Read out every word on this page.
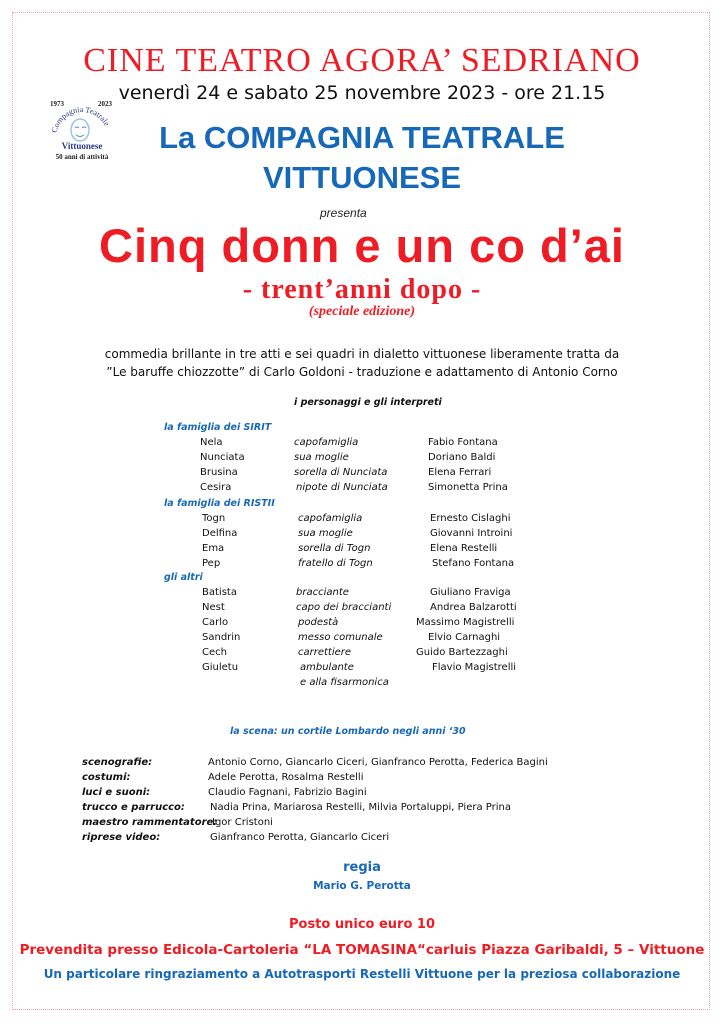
CINE TEATRO AGORA’ SEDRIANO
venerdì 24 e sabato 25 novembre 2023 - ore 21.15
1973	2023
Compagnia Teatrale
Vittuonese
50 anni di attività
La COMPAGNIA TEATRALE
VITTUONESE
presenta
Cinq donn e un co d’ai
- trent’anni dopo -
(speciale edizione)
commedia brillante in tre atti e sei quadri in dialetto vittuonese liberamente tratta da
”Le baruffe chiozzotte” di Carlo Goldoni - traduzione e adattamento di Antonio Corno
i personaggi e gli interpreti
la famiglia dei SIRIT
Nela	capofamiglia	Fabio Fontana
Nunciata	sua moglie	Doriano Baldi
Brusina	sorella di Nunciata	Elena Ferrari
Cesira	nipote di Nunciata	Simonetta Prina
la famiglia dei RISTII
Togn	capofamiglia	Ernesto Cislaghi
Delfina	sua moglie	Giovanni Introini
Ema	sorella di Togn	Elena Restelli
Pep	fratello di Togn	Stefano Fontana
gli altri
Batista	bracciante	Giuliano Fraviga
Nest	capo dei braccianti	Andrea Balzarotti
Carlo	podestà	Massimo Magistrelli
Sandrin	messo comunale	Elvio Carnaghi
Cech	carrettiere	Guido Bartezzaghi
Giuletu	ambulante	Flavio Magistrelli
e alla fisarmonica
la scena: un cortile Lombardo negli anni ‘30
scenografie:	Antonio Corno, Giancarlo Ciceri, Gianfranco Perotta, Federica Bagini
costumi:	Adele Perotta, Rosalma Restelli
luci e suoni:	Claudio Fagnani, Fabrizio Bagini
trucco e parrucco:	Nadia Prina, Mariarosa Restelli, Milvia Portaluppi, Piera Prina
maestro rammentatore:
Igor Cristoni
riprese video:	Gianfranco Perotta, Giancarlo Ciceri
regia
Mario G. Perotta
Posto unico euro 10
Prevendita presso Edicola-Cartoleria “LA TOMASINA“carluis Piazza Garibaldi, 5 – Vittuone
Un particolare ringraziamento a Autotrasporti Restelli Vittuone per la preziosa collaborazione
